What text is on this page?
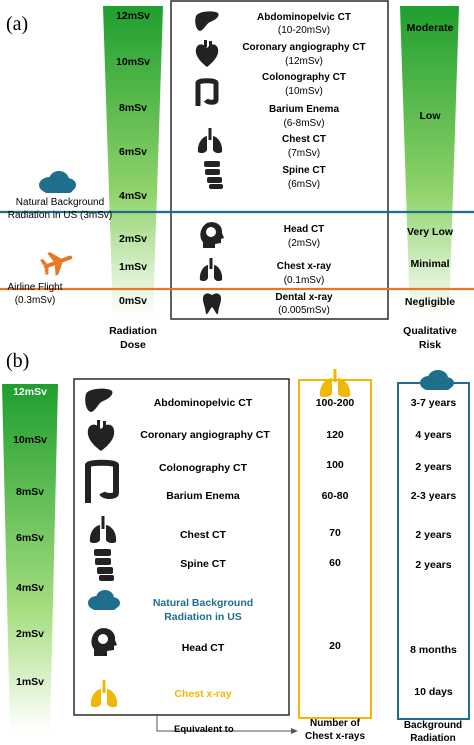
(a)	12mSv
10mSv
8mSv
6mSv
4mSv
2mSv
1mSv
0mSv
Radiation
Dose
Moderate
Low
Very Low
Minimal
Negligible
Qualitative
Risk
Natural Background
Radiation in US (3mSv)
Airline Flight
(0.3mSv)
Abdominopelvic CT
(10-20mSv)
Coronary angiography CT
(12mSv)
Colonography CT
(10mSv)
Barium Enema
(6-8mSv)
Chest CT
(7mSv)
Spine CT
(6mSv)
Head CT
(2mSv)
Chest x-ray
(0.1mSv)
Dental x-ray
(0.005mSv)
(b)
12mSv
10mSv
8mSv
6mSv
4mSv
2mSv
1mSv
Abdominopelvic CT
Coronary angiography CT
Colonography CT
Barium Enema
Chest CT
Spine CT
Natural Background
Radiation in US
Head CT
Chest x-ray
100-200
120
100
60-80
70
60
20
3-7 years
4 years
2 years
2-3 years
2 years
2 years
8 months
10 days
Equivalent to
Number of
Chest x-rays
Background
Radiation
